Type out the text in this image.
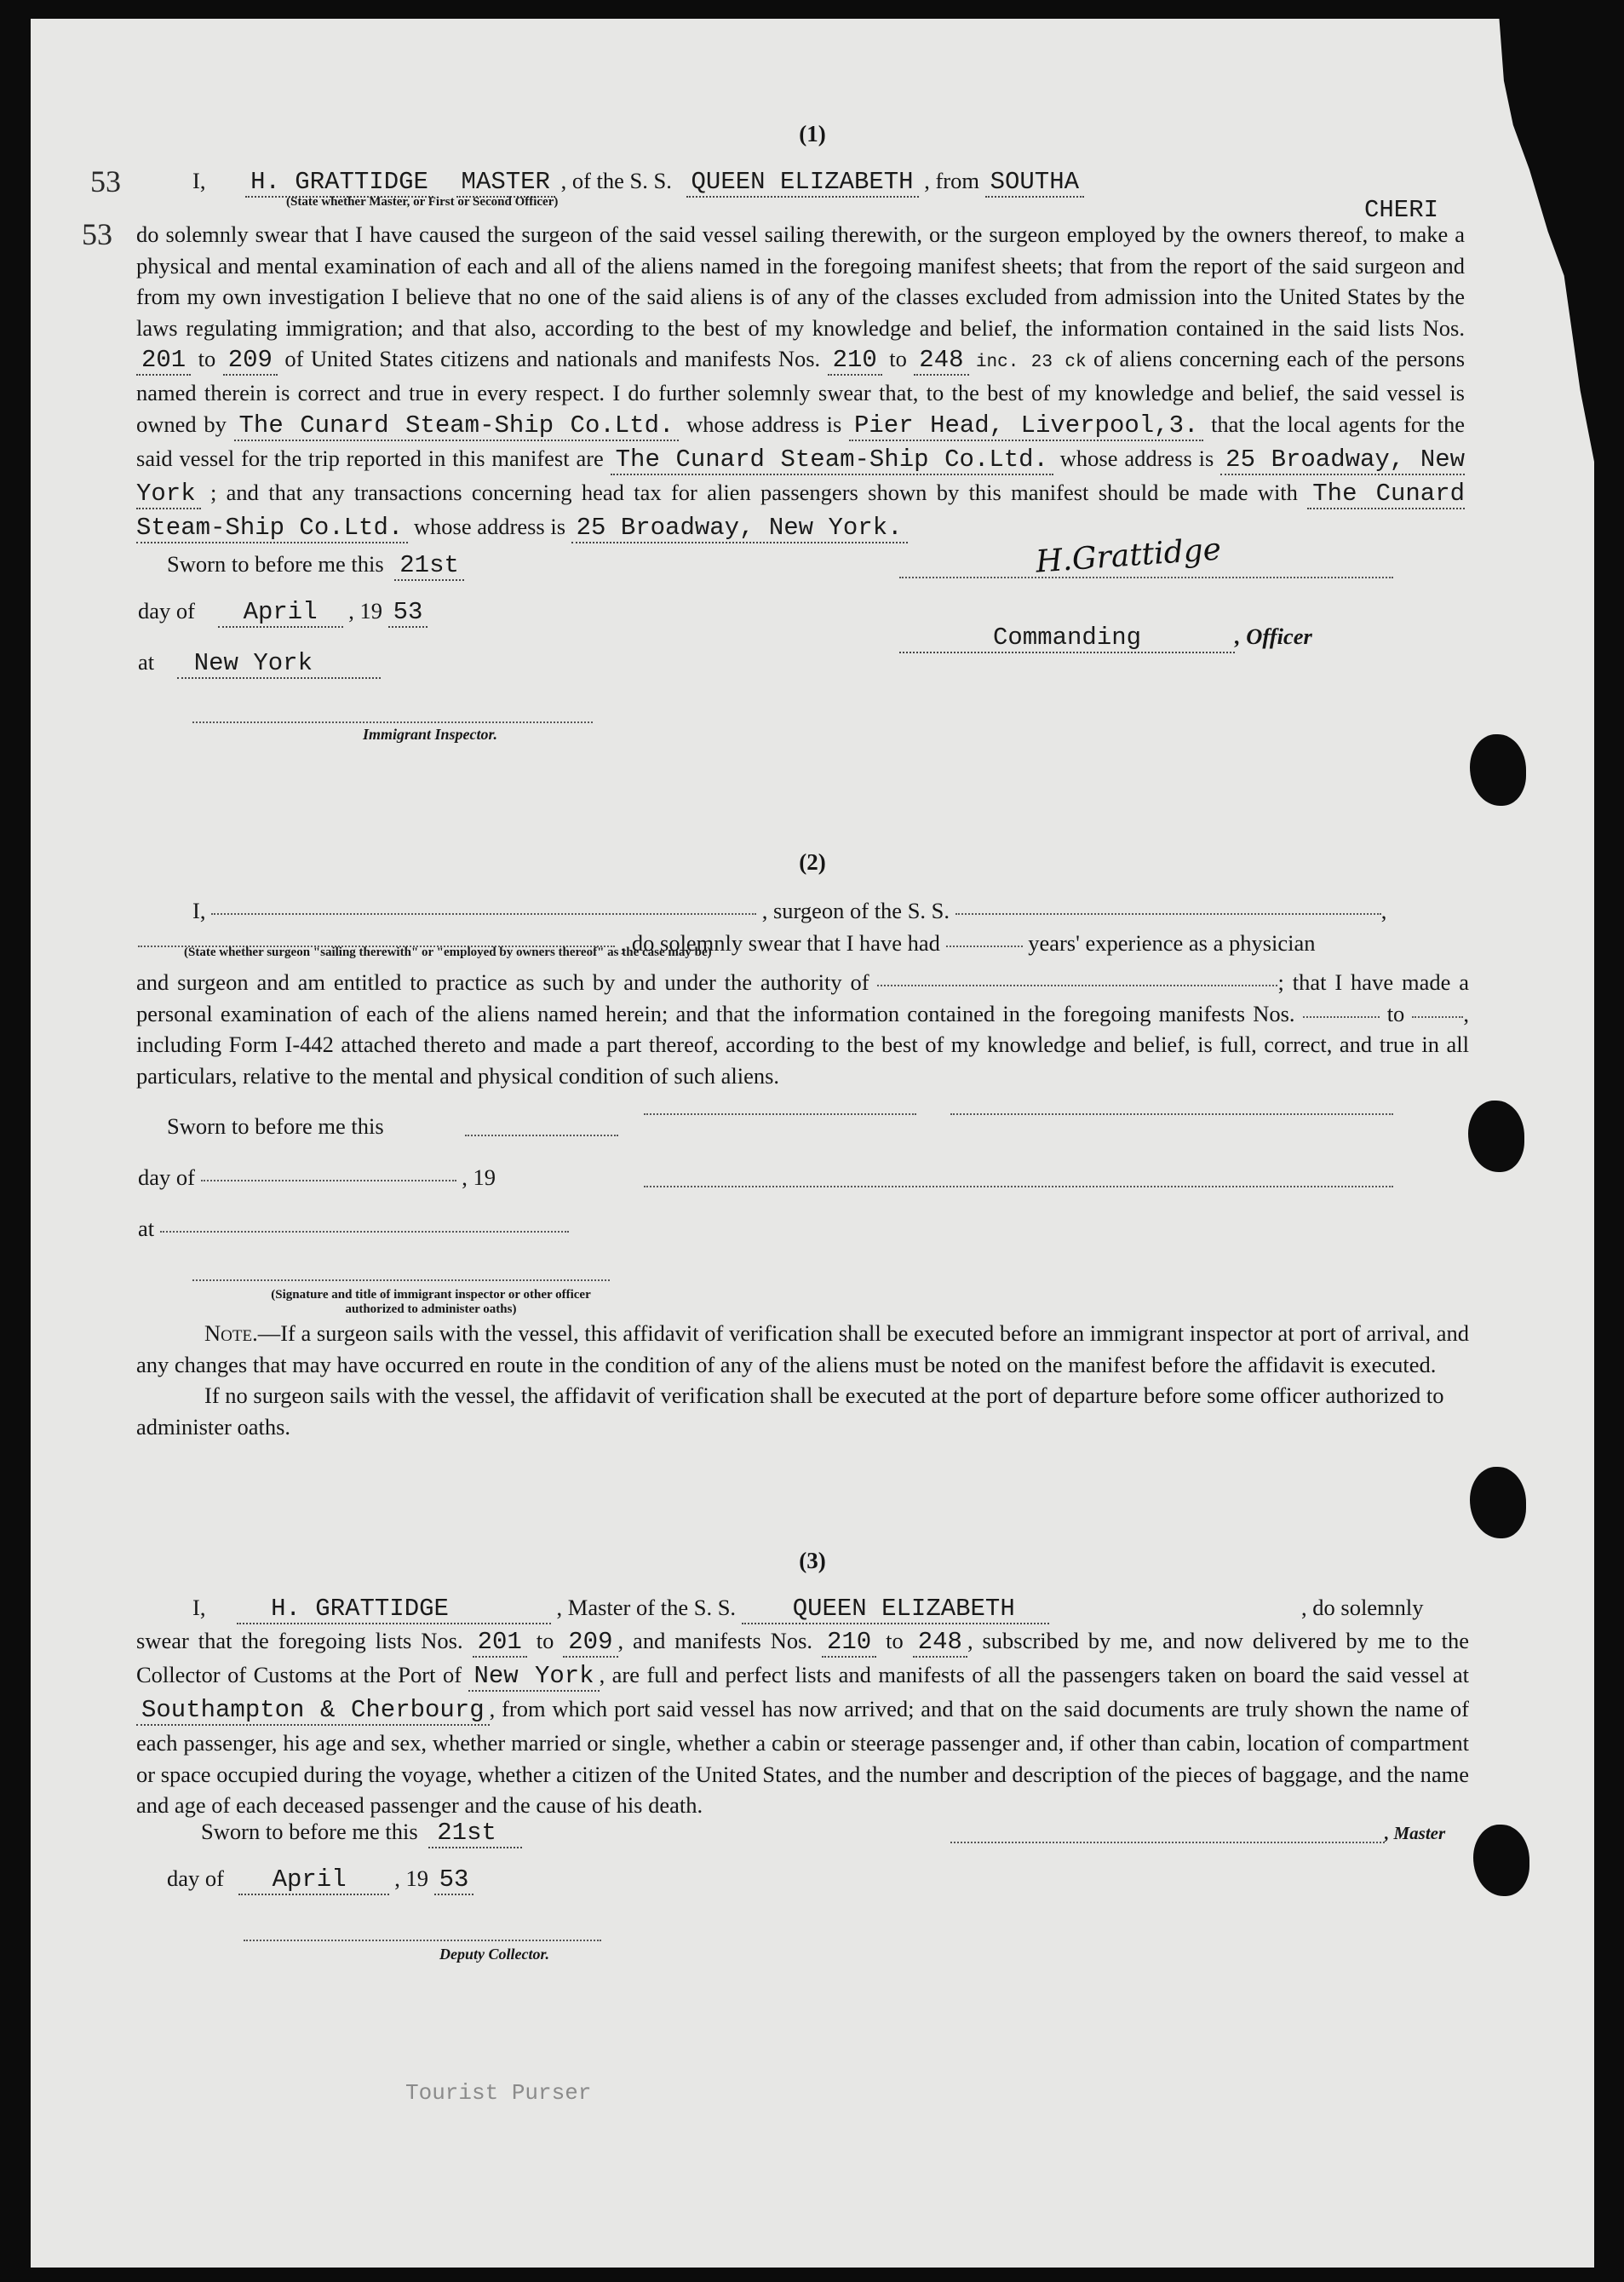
53
53
(1)
I, H. GRATTIDGE MASTER , of the S. S. QUEEN ELIZABETH , from SOUTHA
CHERI
(State whether Master, or First or Second Officer)

do solemnly swear that I have caused the surgeon of the said vessel sailing therewith, or the surgeon employed by the owners thereof, to make a physical and mental examination of each and all of the aliens named in the foregoing manifest sheets; that from the report of the said surgeon and from my own investigation I believe that no one of the said aliens is of any of the classes excluded from admission into the United States by the laws regulating immigration; and that also, according to the best of my knowledge and belief, the information contained in the said lists Nos. 201 to 209 of United States citizens and nationals and manifests Nos. 210 to 248 inc. 23 ck of aliens concerning each of the persons named therein is correct and true in every respect. I do further solemnly swear that, to the best of my knowledge and belief, the said vessel is owned by The Cunard Steam-Ship Co.Ltd. whose address is Pier Head, Liverpool,3. that the local agents for the said vessel for the trip reported in this manifest are The Cunard Steam-Ship Co.Ltd. whose address is 25 Broadway, New York ; and that any transactions concerning head tax for alien passengers shown by this manifest should be made with The Cunard Steam-Ship Co.Ltd. whose address is 25 Broadway, New York.

Sworn to before me this 21st
day of April , 19 53
at New York
Immigrant Inspector.
H.Grattidge
Commanding	, Officer
(2)
I,	, surgeon of the S. S.	,
, do solemnly swear that I have had	years' experience as a physician
(State whether surgeon "sailing therewith" or "employed by owners thereof" as the case may be)

and surgeon and am entitled to practice as such by and under the authority of	; that I have made a personal examination of each of the aliens named herein; and that the information contained in the foregoing manifests Nos.	to	, including Form I-442 attached thereto and made a part thereof, according to the best of my knowledge and belief, is full, correct, and true in all particulars, relative to the mental and physical condition of such aliens.

Sworn to before me this
day of	, 19
at
(Signature and title of immigrant inspector or other officer authorized to administer oaths)

Note.—If a surgeon sails with the vessel, this affidavit of verification shall be executed before an immigrant inspector at port of arrival, and any changes that may have occurred en route in the condition of any of the aliens must be noted on the manifest before the affidavit is executed.

If no surgeon sails with the vessel, the affidavit of verification shall be executed at the port of departure before some officer authorized to administer oaths.

(3)
I,	H. GRATTIDGE	, Master of the S. S. QUEEN ELIZABETH	, do solemnly

swear that the foregoing lists Nos. 201 to 209 , and manifests Nos. 210 to 248 , subscribed by me, and now delivered by me to the Collector of Customs at the Port of New York , are full and perfect lists and manifests of all the passengers taken on board the said vessel at Southampton & Cherbourg , from which port said vessel has now arrived; and that on the said documents are truly shown the name of each passenger, his age and sex, whether married or single, whether a cabin or steerage passenger and, if other than cabin, location of compartment or space occupied during the voyage, whether a citizen of the United States, and the number and description of the pieces of baggage, and the name and age of each deceased passenger and the cause of his death.

Sworn to before me this 21st
day of April , 19 53
Deputy Collector.
, Master
Tourist Purser
